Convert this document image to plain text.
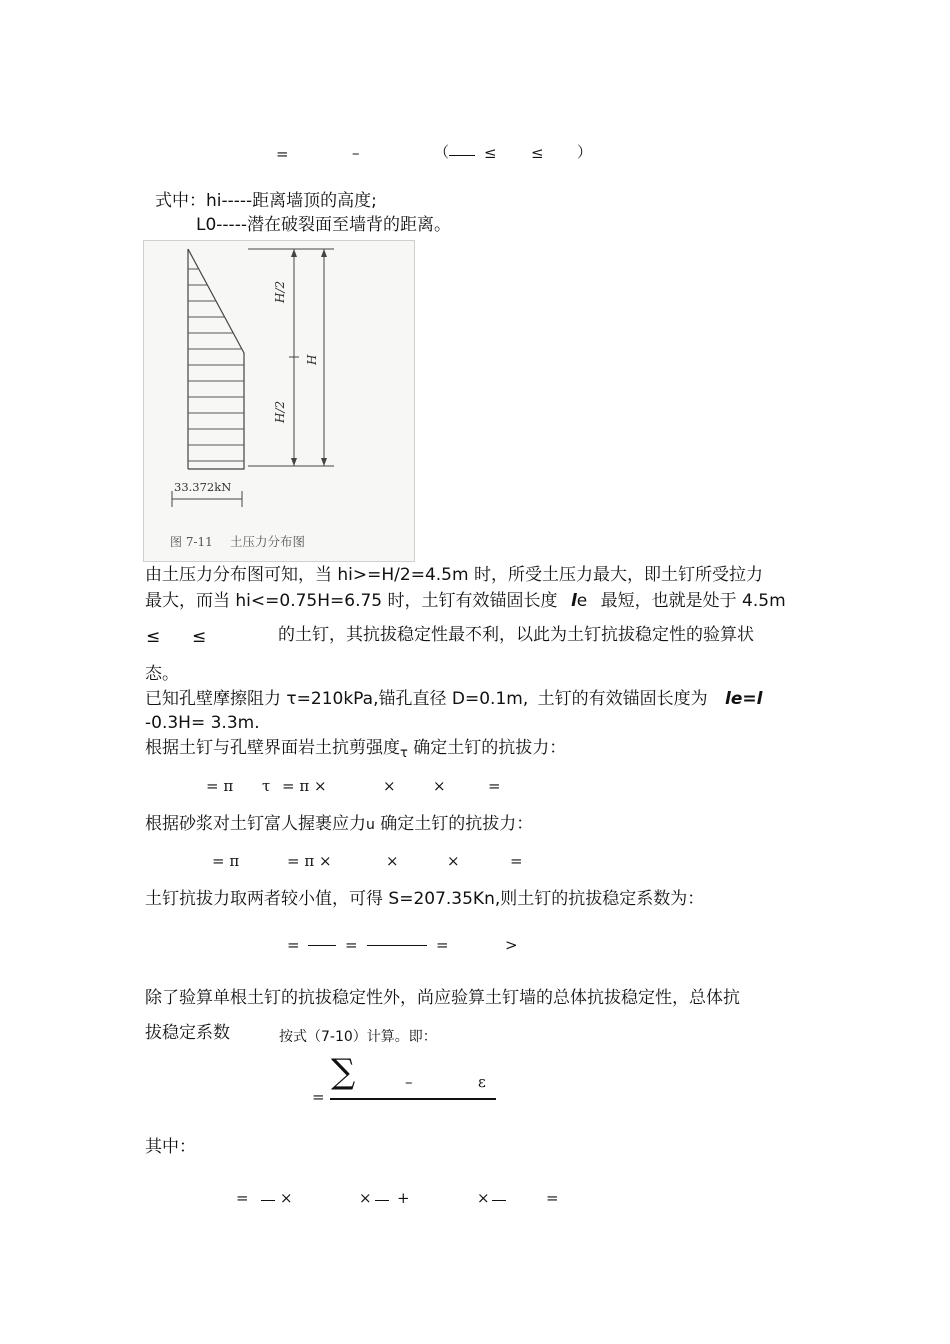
=	–	（ ≤ ≤ ）
式中：hi-----距离墙顶的高度;
L0-----潜在破裂面至墙背的距离。
H/2
H/2
H
33.372kN
图 7-11 土压力分布图
由土压力分布图可知，当 hi>=H/2=4.5m 时，所受土压力最大，即土钉所受拉力
最大，而当 hi<=0.75H=6.75 时，土钉有效锚固长度 le 最短，也就是处于 4.5m
≤ ≤	的土钉，其抗拔稳定性最不利，以此为土钉抗拔稳定性的验算状
态。
已知孔壁摩擦阻力 τ=210kPa,锚孔直径 D=0.1m, 土钉的有效锚固长度为 le=l
-0.3H= 3.3m.
根据土钉与孔壁界面岩土抗剪强度$_\tau$ 确定土钉的抗拔力：
= π τ = π ×	× ×	=
根据砂浆对土钉富人握裹应力u 确定土钉的抗拔力：
= π	= π ×	×	×	=
土钉抗拔力取两者较小值，可得 S=207.35Kn,则土钉的抗拔稳定系数为：
=	=	=	>
除了验算单根土钉的抗拔稳定性外，尚应验算土钉墙的总体抗拔稳定性，总体抗
拔稳定系数	按式（7-10）计算。即：
=
∑	–	ε
其中：
= ×	× +	×	=
